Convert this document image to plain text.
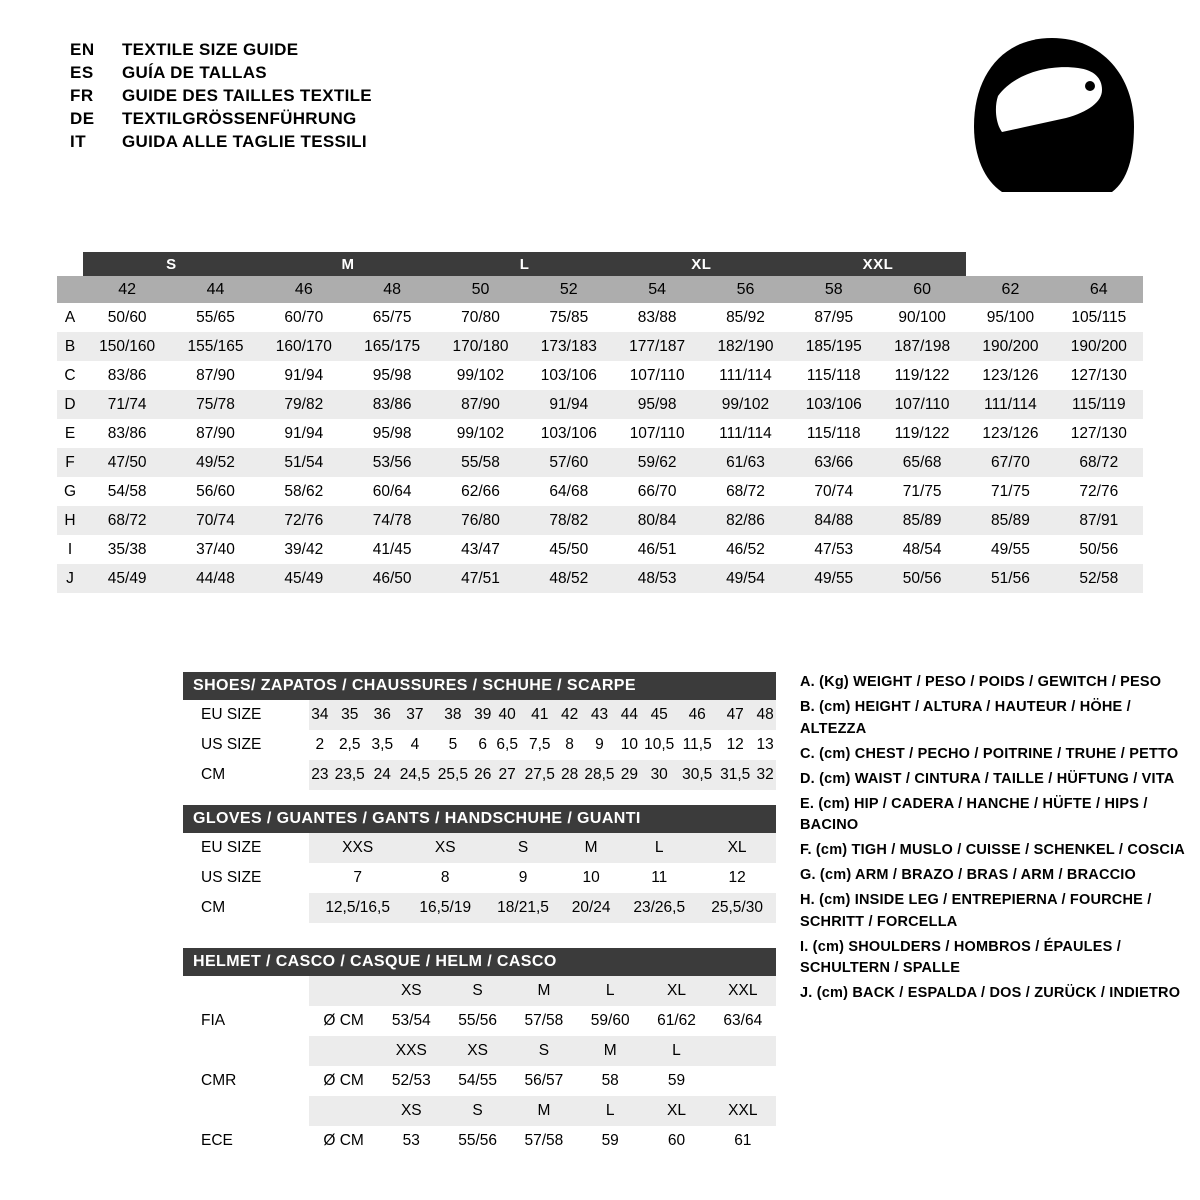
EN	TEXTILE SIZE GUIDE
ES	GUÍA DE TALLAS
FR	GUIDE DES TAILLES TEXTILE
DE	TEXTILGRÖSSENFÜHRUNG
IT	GUIDA ALLE TAGLIE TESSILI
	S		M		L		XL		XXL			
	42	44	46	48	50	52	54	56	58	60	62	64
A	50/60	55/65	60/70	65/75	70/80	75/85	83/88	85/92	87/95	90/100	95/100	105/115
B	150/160	155/165	160/170	165/175	170/180	173/183	177/187	182/190	185/195	187/198	190/200	190/200
C	83/86	87/90	91/94	95/98	99/102	103/106	107/110	111/114	115/118	119/122	123/126	127/130
D	71/74	75/78	79/82	83/86	87/90	91/94	95/98	99/102	103/106	107/110	111/114	115/119
E	83/86	87/90	91/94	95/98	99/102	103/106	107/110	111/114	115/118	119/122	123/126	127/130
F	47/50	49/52	51/54	53/56	55/58	57/60	59/62	61/63	63/66	65/68	67/70	68/72
G	54/58	56/60	58/62	60/64	62/66	64/68	66/70	68/72	70/74	71/75	71/75	72/76
H	68/72	70/74	72/76	74/78	76/80	78/82	80/84	82/86	84/88	85/89	85/89	87/91
I	35/38	37/40	39/42	41/45	43/47	45/50	46/51	46/52	47/53	48/54	49/55	50/56
J	45/49	44/48	45/49	46/50	47/51	48/52	48/53	49/54	49/55	50/56	51/56	52/58
SHOES/ ZAPATOS / CHAUSSURES / SCHUHE / SCARPE
EU SIZE	34	35	36	37	38	39	40	41	42	43	44	45	46	47	48
US SIZE	2	2,5	3,5	4	5	6	6,5	7,5	8	9	10	10,5	11,5	12	13
CM	23	23,5	24	24,5	25,5	26	27	27,5	28	28,5	29	30	30,5	31,5	32
GLOVES / GUANTES / GANTS / HANDSCHUHE / GUANTI
EU SIZE	XXS	XS	S	M	L	XL
US SIZE	7	8	9	10	11	12
CM	12,5/16,5	16,5/19	18/21,5	20/24	23/26,5	25,5/30
HELMET / CASCO / CASQUE / HELM / CASCO
		XS	S	M	L	XL	XXL
FIA	Ø CM	53/54	55/56	57/58	59/60	61/62	63/64
		XXS	XS	S	M	L	
CMR	Ø CM	52/53	54/55	56/57	58	59	
		XS	S	M	L	XL	XXL
ECE	Ø CM	53	55/56	57/58	59	60	61
A. (Kg) WEIGHT / PESO / POIDS / GEWITCH / PESO
B. (cm) HEIGHT / ALTURA / HAUTEUR / HÖHE / ALTEZZA
C. (cm) CHEST / PECHO / POITRINE / TRUHE / PETTO
D. (cm) WAIST / CINTURA / TAILLE / HÜFTUNG / VITA
E. (cm) HIP / CADERA / HANCHE / HÜFTE / HIPS / BACINO
F. (cm) TIGH / MUSLO / CUISSE / SCHENKEL / COSCIA
G. (cm) ARM / BRAZO / BRAS / ARM / BRACCIO
H. (cm) INSIDE LEG / ENTREPIERNA / FOURCHE / SCHRITT / FORCELLA
I. (cm) SHOULDERS / HOMBROS / ÉPAULES / SCHULTERN / SPALLE
J. (cm) BACK / ESPALDA / DOS / ZURÜCK / INDIETRO
